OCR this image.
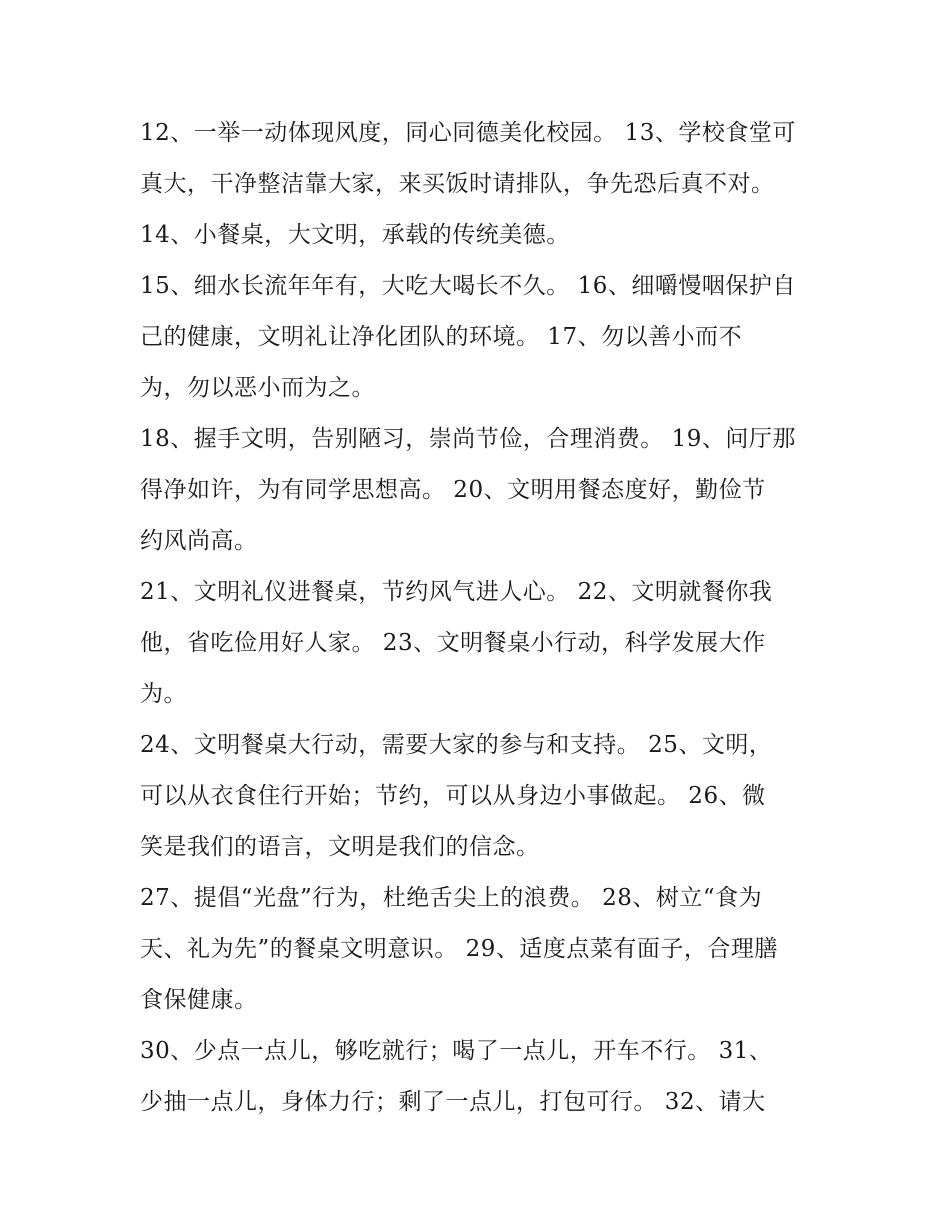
12、一举一动体现风度，同心同德美化校园。 13、学校食堂可
真大，干净整洁靠大家，来买饭时请排队，争先恐后真不对。
14、小餐桌，大文明，承载的传统美德。
15、细水长流年年有，大吃大喝长不久。 16、细嚼慢咽保护自
己的健康，文明礼让净化团队的环境。 17、勿以善小而不
为，勿以恶小而为之。
18、握手文明，告别陋习，崇尚节俭，合理消费。 19、问厅那
得净如许，为有同学思想高。 20、文明用餐态度好，勤俭节
约风尚高。
21、文明礼仪进餐桌，节约风气进人心。 22、文明就餐你我
他，省吃俭用好人家。 23、文明餐桌小行动，科学发展大作
为。
24、文明餐桌大行动，需要大家的参与和支持。 25、文明，
可以从衣食住行开始；节约，可以从身边小事做起。 26、微
笑是我们的语言，文明是我们的信念。
27、提倡“光盘”行为，杜绝舌尖上的浪费。 28、树立“食为
天、礼为先”的餐桌文明意识。 29、适度点菜有面子，合理膳
食保健康。
30、少点一点儿，够吃就行；喝了一点儿，开车不行。 31、
少抽一点儿，身体力行；剩了一点儿，打包可行。 32、请大
